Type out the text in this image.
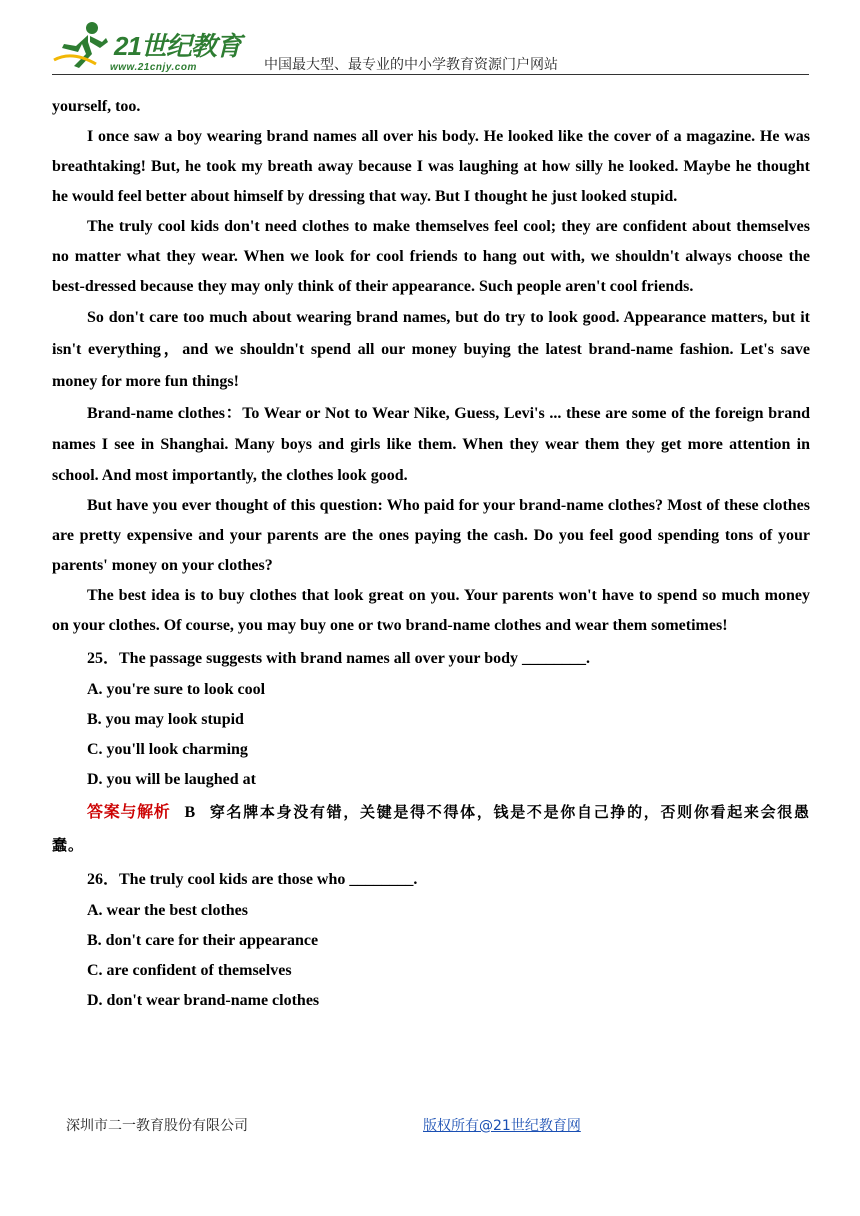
21世纪教育
www.21cnjy.com	中国最大型、最专业的中小学教育资源门户网站

yourself, too.

I once saw a boy wearing brand names all over his body. He looked like the cover of a magazine. He was breathtaking! But, he took my breath away because I was laughing at how silly he looked. Maybe he thought he would feel better about himself by dressing that way. But I thought he just looked stupid.

The truly cool kids don't need clothes to make themselves feel cool; they are confident about themselves no matter what they wear. When we look for cool friends to hang out with, we shouldn't always choose the best-dressed because they may only think of their appearance. Such people aren't cool friends.

So don't care too much about wearing brand names, but do try to look good. Appearance matters, but it isn't everything，and we shouldn't spend all our money buying the latest brand-name fashion. Let's save money for more fun things!

Brand-name clothes：To Wear or Not to Wear Nike, Guess, Levi's ... these are some of the foreign brand names I see in Shanghai. Many boys and girls like them. When they wear them they get more attention in school. And most importantly, the clothes look good.

But have you ever thought of this question: Who paid for your brand-name clothes? Most of these clothes are pretty expensive and your parents are the ones paying the cash. Do you feel good spending tons of your parents' money on your clothes?

The best idea is to buy clothes that look great on you. Your parents won't have to spend so much money on your clothes. Of course, you may buy one or two brand-name clothes and wear them sometimes!

25．The passage suggests with brand names all over your body ________.

A. you're sure to look cool

B. you may look stupid

C. you'll look charming

D. you will be laughed at

答案与解析 B 穿名牌本身没有错，关键是得不得体，钱是不是你自己挣的，否则你看起来会很愚蠢。

26．The truly cool kids are those who ________.

A. wear the best clothes

B. don't care for their appearance

C. are confident of themselves

D. don't wear brand-name clothes

深圳市二一教育股份有限公司	版权所有@21世纪教育网
